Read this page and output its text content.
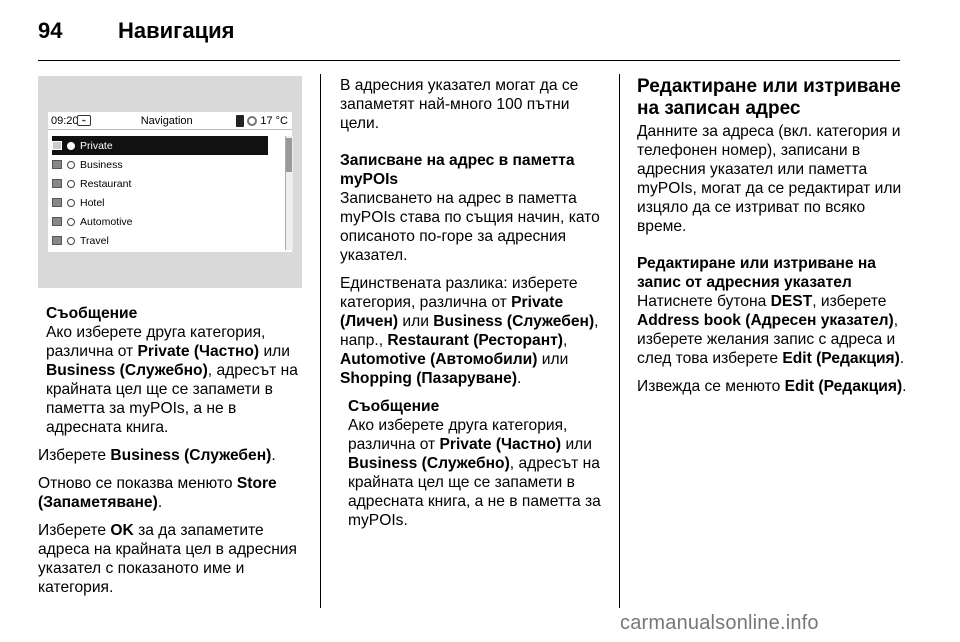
94	Навигация
09:20 ⌁	Navigation	17 °C
Private
Business
Restaurant
Hotel
Automotive
Travel
Съобщение

Ако изберете друга категория, различна от Private (Частно) или Business (Служебно), адресът на крайната цел ще се запамети в паметта за myPOIs, а не в адресната книга.

Изберете Business (Служебен).

Отново се показва менюто Store (Запаметяване).

Изберете OK за да запаметите адреса на крайната цел в адресния указател с показаното име и категория.

В адресния указател могат да се запаметят най-много 100 пътни цели.

Записване на адрес в паметта myPOIs

Записването на адрес в паметта myPOIs става по същия начин, като описаното по-горе за адресния указател.

Единствената разлика: изберете категория, различна от Private (Личен) или Business (Служебен), напр., Restaurant (Ресторант), Automotive (Автомобили) или Shopping (Пазаруване).

Съобщение

Ако изберете друга категория, различна от Private (Частно) или Business (Служебно), адресът на крайната цел ще се запамети в адресната книга, а не в паметта за myPOIs.

Редактиране или изтриване на записан адрес

Данните за адреса (вкл. категория и телефонен номер), записани в адресния указател или паметта myPOIs, могат да се редактират или изцяло да се изтриват по всяко време.

Редактиране или изтриване на запис от адресния указател

Натиснете бутона DEST, изберете Address book (Адресен указател), изберете желания запис с адреса и след това изберете Edit (Редакция).

Извежда се менюто Edit (Редакция).

carmanualsonline.info
